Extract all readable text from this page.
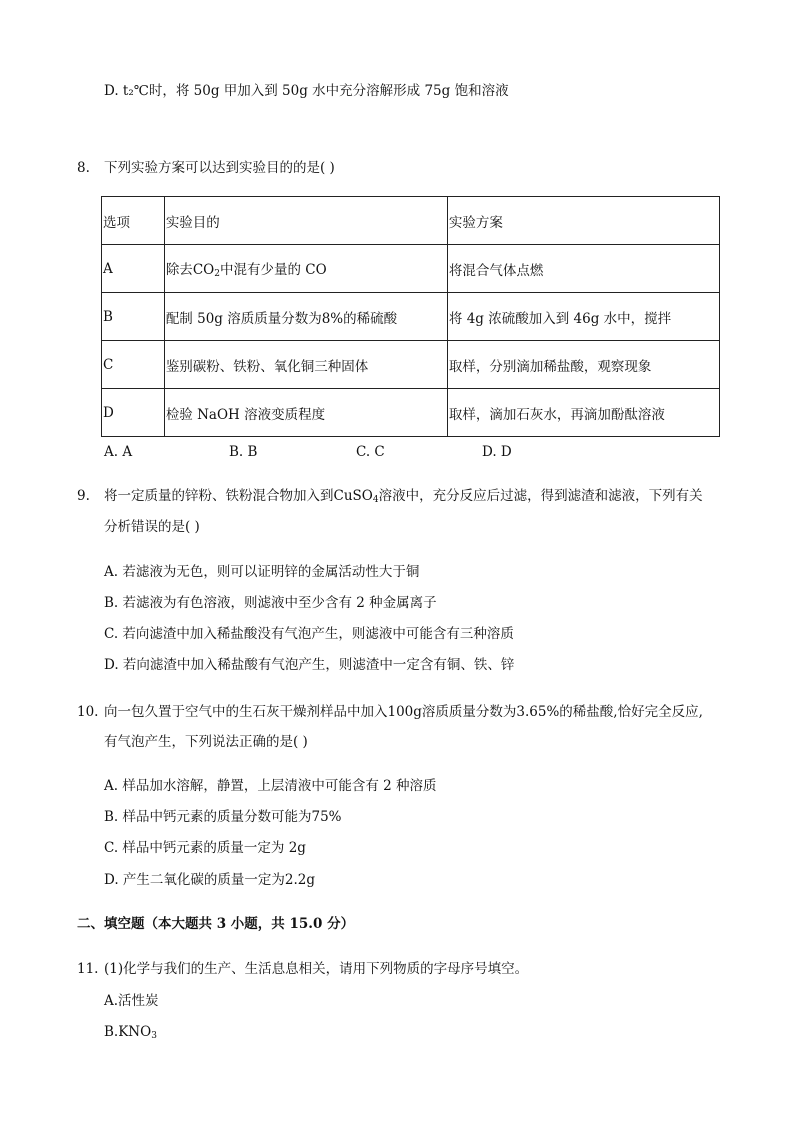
D. t₂℃时，将 50g 甲加入到 50g 水中充分溶解形成 75g 饱和溶液
8. 下列实验方案可以达到实验目的的是( )
选项	实验目的	实验方案
A	除去$CO_2$中混有少量的 CO	将混合气体点燃
B	配制 50g 溶质质量分数为8%的稀硫酸	将 4g 浓硫酸加入到 46g 水中，搅拌
C	鉴别碳粉、铁粉、氧化铜三种固体	取样，分别滴加稀盐酸，观察现象
D	检验 NaOH 溶液变质程度	取样，滴加石灰水，再滴加酚酞溶液
A. A	B. B	C. C	D. D
9. 将一定质量的锌粉、铁粉混合物加入到CuSO$_4$溶液中，充分反应后过滤，得到滤渣和滤液，下列有关
分析错误的是( )
A. 若滤液为无色，则可以证明锌的金属活动性大于铜
B. 若滤液为有色溶液，则滤液中至少含有 2 种金属离子
C. 若向滤渣中加入稀盐酸没有气泡产生，则滤液中可能含有三种溶质
D. 若向滤渣中加入稀盐酸有气泡产生，则滤渣中一定含有铜、铁、锌
10. 向一包久置于空气中的生石灰干燥剂样品中加入100g溶质质量分数为3.65%的稀盐酸,恰好完全反应,
有气泡产生，下列说法正确的是( )
A. 样品加水溶解，静置，上层清液中可能含有 2 种溶质
B. 样品中钙元素的质量分数可能为75%
C. 样品中钙元素的质量一定为 2g
D. 产生二氧化碳的质量一定为2.2g
二、填空题（本大题共 3 小题，共 15.0 分）
11. (1)化学与我们的生产、生活息息相关，请用下列物质的字母序号填空。
A.活性炭
$B.KNO_3$
